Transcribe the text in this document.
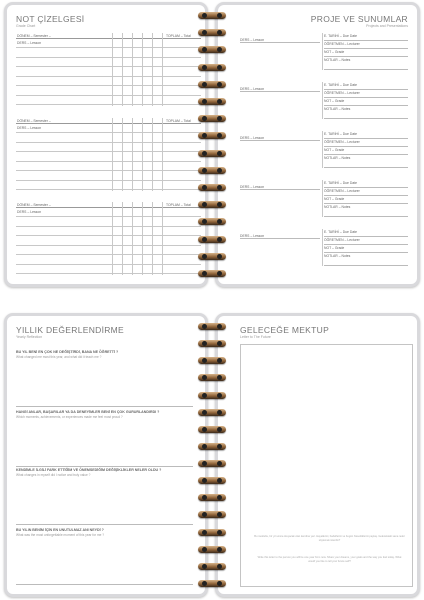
NOT ÇİZELGESİ
Grade Chart
DÖNEM – Semester –	TOPLAM – Total
DERS – Lesson
DÖNEM – Semester –	TOPLAM – Total
DERS – Lesson
DÖNEM – Semester –	TOPLAM – Total
DERS – Lesson
PROJE VE SUNUMLAR
Projects and Presentations
DERS – Lesson
E. TARİHİ – Due Date
ÖĞRETMEN – Lecturer
NOT – Grade
NOTLAR – Notes
DERS – Lesson
E. TARİHİ – Due Date
ÖĞRETMEN – Lecturer
NOT – Grade
NOTLAR – Notes
DERS – Lesson
E. TARİHİ – Due Date
ÖĞRETMEN – Lecturer
NOT – Grade
NOTLAR – Notes
DERS – Lesson
E. TARİHİ – Due Date
ÖĞRETMEN – Lecturer
NOT – Grade
NOTLAR – Notes
DERS – Lesson
E. TARİHİ – Due Date
ÖĞRETMEN – Lecturer
NOT – Grade
NOTLAR – Notes
YILLIK DEĞERLENDİRME
Yearly Reflection
BU YIL BENİ EN ÇOK NE DEĞİŞTİRDİ, BANA NE ÖĞRETTİ ?
What changed me most this year, and what did it teach me ?
HANGİ ANLAR, BAŞARILAR YA DA DENEYİMLER BENİ EN ÇOK GURURLANDIRDI ?
Which moments, achievements, or experiences made me feel most proud ?
KENDİMLE İLGİLİ FARK ETTİĞİM VE ÖNEMSEDİĞİM DEĞİŞİKLİKLER NELER OLDU ?
What changes in myself did I notice and truly value ?
BU YILIN BENİM İÇİN EN UNUTULMAZ ANI NEYDİ ?
What was the most unforgettable moment of this year for me ?
GELECEĞE MEKTUP
Letter to The Future
Bu mektubu, bir yıl sonra okuyacak olan kendine yaz. Hayallerini, hedeflerini ve bugün hissettiklerini paylaş. Gelecekteki sana neler söylemek isterdin?
Write this letter to the person you will be one year from now. Share your dreams, your goals and the way you feel today. What would you like to tell your future self?
